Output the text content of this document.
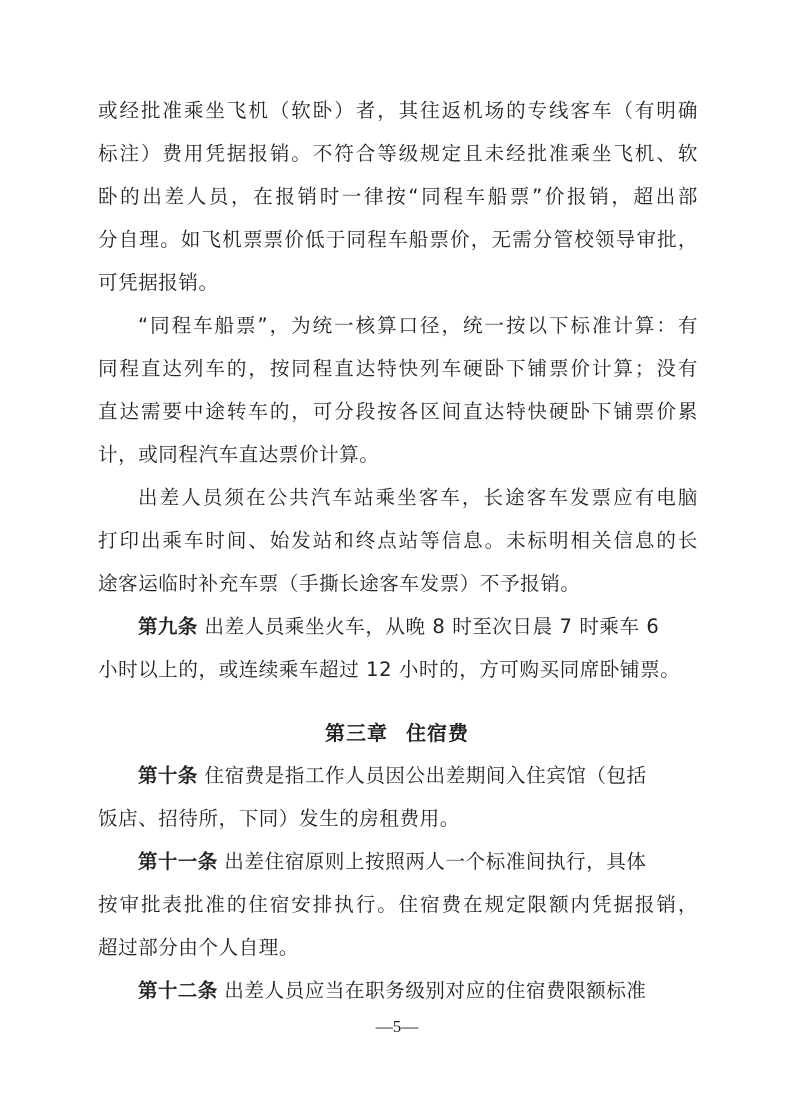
或经批准乘坐飞机（软卧）者，其往返机场的专线客车（有明确
标注）费用凭据报销。不符合等级规定且未经批准乘坐飞机、软
卧的出差人员，在报销时一律按“同程车船票”价报销，超出部
分自理。如飞机票票价低于同程车船票价，无需分管校领导审批，
可凭据报销。
“同程车船票”，为统一核算口径，统一按以下标准计算：有
同程直达列车的，按同程直达特快列车硬卧下铺票价计算；没有
直达需要中途转车的，可分段按各区间直达特快硬卧下铺票价累
计，或同程汽车直达票价计算。
出差人员须在公共汽车站乘坐客车，长途客车发票应有电脑
打印出乘车时间、始发站和终点站等信息。未标明相关信息的长
途客运临时补充车票（手撕长途客车发票）不予报销。
第九条 出差人员乘坐火车，从晚 8 时至次日晨 7 时乘车 6
小时以上的，或连续乘车超过 12 小时的，方可购买同席卧铺票。
第三章 住宿费
第十条 住宿费是指工作人员因公出差期间入住宾馆（包括
饭店、招待所，下同）发生的房租费用。
第十一条 出差住宿原则上按照两人一个标准间执行，具体
按审批表批准的住宿安排执行。住宿费在规定限额内凭据报销，
超过部分由个人自理。
第十二条 出差人员应当在职务级别对应的住宿费限额标准
—5—
